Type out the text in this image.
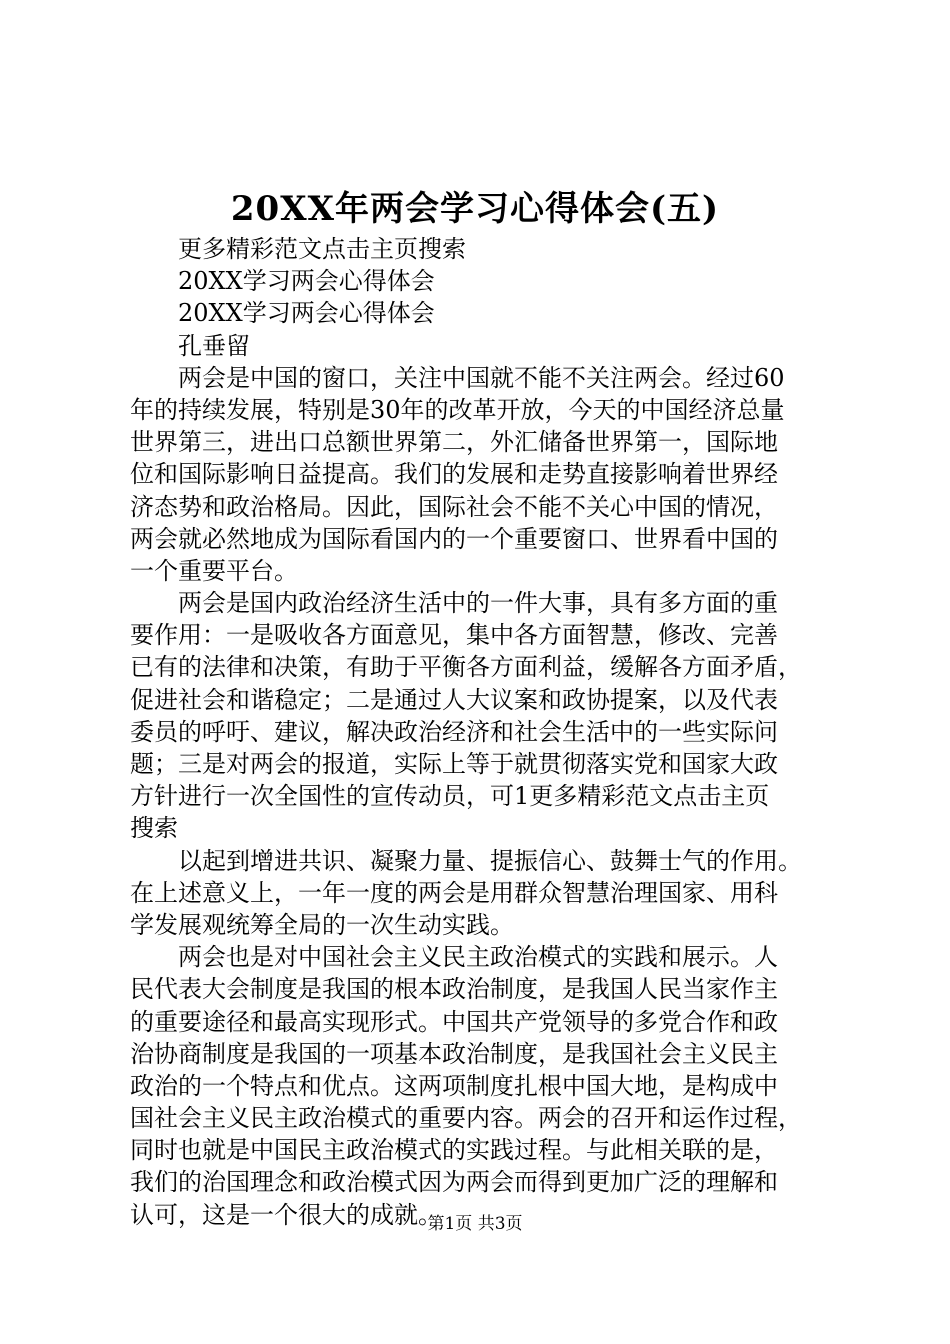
20XX年两会学习心得体会(五)
更多精彩范文点击主页搜索
20XX学习两会心得体会
20XX学习两会心得体会
孔垂留
两会是中国的窗口，关注中国就不能不关注两会。经过60
年的持续发展，特别是30年的改革开放，今天的中国经济总量
世界第三，进出口总额世界第二，外汇储备世界第一，国际地
位和国际影响日益提高。我们的发展和走势直接影响着世界经
济态势和政治格局。因此，国际社会不能不关心中国的情况，
两会就必然地成为国际看国内的一个重要窗口、世界看中国的
一个重要平台。
两会是国内政治经济生活中的一件大事，具有多方面的重
要作用：一是吸收各方面意见，集中各方面智慧，修改、完善
已有的法律和决策，有助于平衡各方面利益，缓解各方面矛盾，
促进社会和谐稳定；二是通过人大议案和政协提案，以及代表
委员的呼吁、建议，解决政治经济和社会生活中的一些实际问
题；三是对两会的报道，实际上等于就贯彻落实党和国家大政
方针进行一次全国性的宣传动员，可1更多精彩范文点击主页
搜索
以起到增进共识、凝聚力量、提振信心、鼓舞士气的作用。
在上述意义上，一年一度的两会是用群众智慧治理国家、用科
学发展观统筹全局的一次生动实践。
两会也是对中国社会主义民主政治模式的实践和展示。人
民代表大会制度是我国的根本政治制度，是我国人民当家作主
的重要途径和最高实现形式。中国共产党领导的多党合作和政
治协商制度是我国的一项基本政治制度，是我国社会主义民主
政治的一个特点和优点。这两项制度扎根中国大地，是构成中
国社会主义民主政治模式的重要内容。两会的召开和运作过程，
同时也就是中国民主政治模式的实践过程。与此相关联的是，
我们的治国理念和政治模式因为两会而得到更加广泛的理解和
认可，这是一个很大的成就。
第1页 共3页
